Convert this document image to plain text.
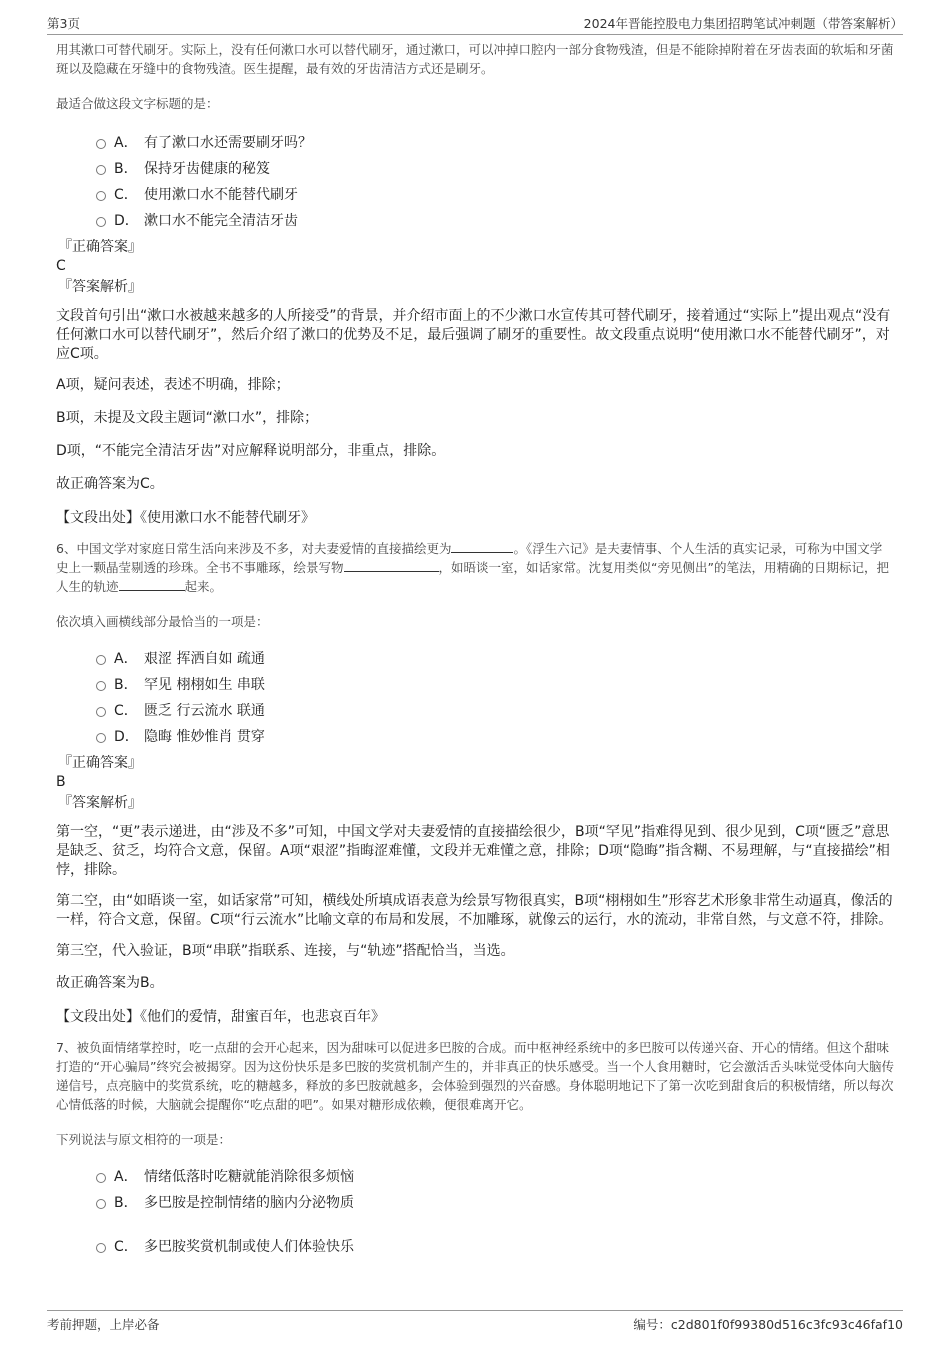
第3页	2024年晋能控股电力集团招聘笔试冲刺题（带答案解析）

用其漱口可替代刷牙。实际上，没有任何漱口水可以替代刷牙，通过漱口，可以冲掉口腔内一部分食物残渣，但是不能除掉附着在牙齿表面的软垢和牙菌斑以及隐藏在牙缝中的食物残渣。医生提醒，最有效的牙齿清洁方式还是刷牙。

最适合做这段文字标题的是：

A． 有了漱口水还需要刷牙吗？
B． 保持牙齿健康的秘笈
C． 使用漱口水不能替代刷牙
D． 漱口水不能完全清洁牙齿
『正确答案』
C
『答案解析』

文段首句引出“漱口水被越来越多的人所接受”的背景，并介绍市面上的不少漱口水宣传其可替代刷牙，接着通过“实际上”提出观点“没有任何漱口水可以替代刷牙”，然后介绍了漱口的优势及不足，最后强调了刷牙的重要性。故文段重点说明“使用漱口水不能替代刷牙”，对应C项。

A项，疑问表述，表述不明确，排除；

B项，未提及文段主题词“漱口水”，排除；

D项，“不能完全清洁牙齿”对应解释说明部分，非重点，排除。

故正确答案为C。

【文段出处】《使用漱口水不能替代刷牙》

6、中国文学对家庭日常生活向来涉及不多，对夫妻爱情的直接描绘更为	。《浮生六记》是夫妻情事、个人生活的真实记录，可称为中国文学史上一颗晶莹剔透的珍珠。全书不事雕琢，绘景写物	，如晤谈一室，如话家常。沈复用类似“旁见侧出”的笔法，用精确的日期标记，把人生的轨迹	起来。

依次填入画横线部分最恰当的一项是：

A． 艰涩 挥洒自如 疏通
B． 罕见 栩栩如生 串联
C． 匮乏 行云流水 联通
D． 隐晦 惟妙惟肖 贯穿
『正确答案』
B
『答案解析』

第一空，“更”表示递进，由“涉及不多”可知，中国文学对夫妻爱情的直接描绘很少，B项“罕见”指难得见到、很少见到，C项“匮乏”意思是缺乏、贫乏，均符合文意，保留。A项“艰涩”指晦涩难懂，文段并无难懂之意，排除；D项“隐晦”指含糊、不易理解，与“直接描绘”相悖，排除。

第二空，由“如晤谈一室，如话家常”可知，横线处所填成语表意为绘景写物很真实，B项“栩栩如生”形容艺术形象非常生动逼真，像活的一样，符合文意，保留。C项“行云流水”比喻文章的布局和发展，不加雕琢，就像云的运行，水的流动，非常自然，与文意不符，排除。

第三空，代入验证，B项“串联”指联系、连接，与“轨迹”搭配恰当，当选。

故正确答案为B。

【文段出处】《他们的爱情，甜蜜百年，也悲哀百年》

7、被负面情绪掌控时，吃一点甜的会开心起来，因为甜味可以促进多巴胺的合成。而中枢神经系统中的多巴胺可以传递兴奋、开心的情绪。但这个甜味打造的“开心骗局”终究会被揭穿。因为这份快乐是多巴胺的奖赏机制产生的，并非真正的快乐感受。当一个人食用糖时，它会激活舌头味觉受体向大脑传递信号，点亮脑中的奖赏系统，吃的糖越多，释放的多巴胺就越多，会体验到强烈的兴奋感。身体聪明地记下了第一次吃到甜食后的积极情绪，所以每次心情低落的时候，大脑就会提醒你“吃点甜的吧”。如果对糖形成依赖，便很难离开它。

下列说法与原文相符的一项是：

A． 情绪低落时吃糖就能消除很多烦恼
B． 多巴胺是控制情绪的脑内分泌物质
C． 多巴胺奖赏机制或使人们体验快乐
考前押题，上岸必备	编号：c2d801f0f99380d516c3fc93c46faf10
